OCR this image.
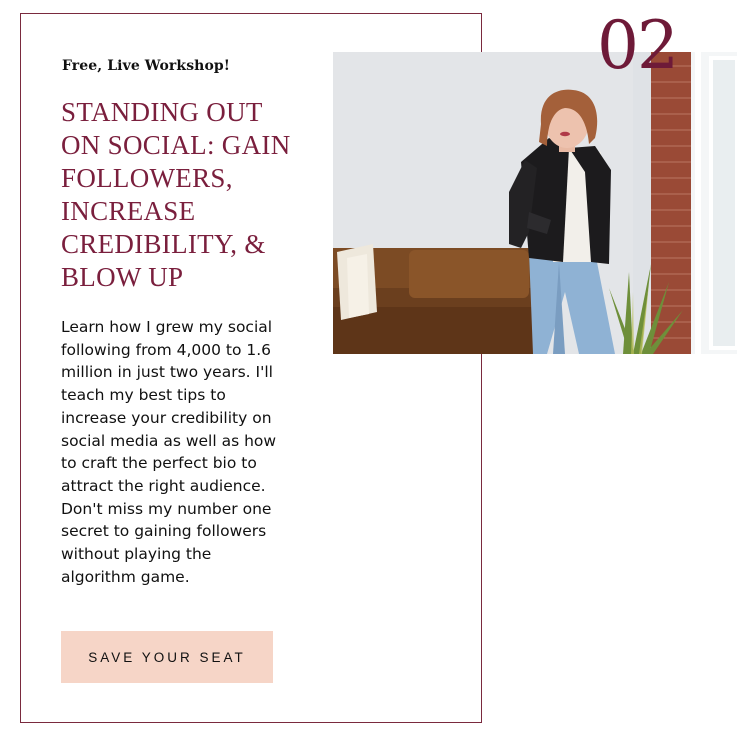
Free, Live Workshop!
STANDING OUT ON SOCIAL: GAIN FOLLOWERS, INCREASE CREDIBILITY, & BLOW UP

Learn how I grew my social following from 4,000 to 1.6 million in just two years. I'll teach my best tips to increase your credibility on social media as well as how to craft the perfect bio to attract the right audience. Don't miss my number one secret to gaining followers without playing the algorithm game.

SAVE YOUR SEAT
02
